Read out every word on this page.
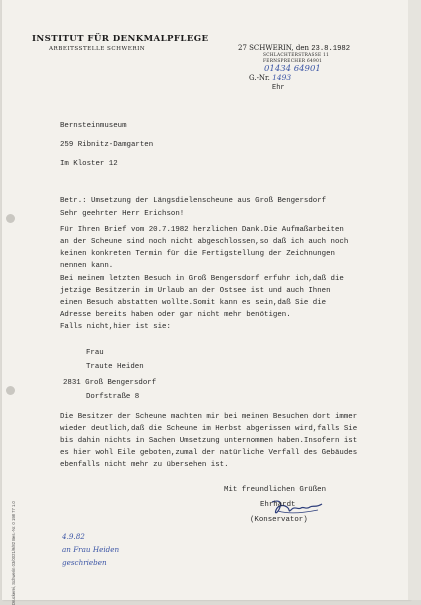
INSTITUT FÜR DENKMALPFLEGE
ARBEITSSTELLE SCHWERIN	27 SCHWERIN, den 23.8.1982
SCHLACHTERSTRASSE 11
FERNSPRECHER 64901
01434 64901
G.-Nr. 1493
Ehr
Bernsteinmuseum
259 Ribnitz-Damgarten
Im Kloster 12
Betr.: Umsetzung der Längsdielenscheune aus Groß Bengersdorf
Sehr geehrter Herr Erichson!
Für Ihren Brief vom 20.7.1982 herzlichen Dank.Die Aufmaßarbeiten
an der Scheune sind noch nicht abgeschlossen,so daß ich auch noch
keinen konkreten Termin für die Fertigstellung der Zeichnungen
nennen kann.
Bei meinem letzten Besuch in Groß Bengersdorf erfuhr ich,daß die
jetzige Besitzerin im Urlaub an der Ostsee ist und auch Ihnen
einen Besuch abstatten wollte.Somit kann es sein,daß Sie die
Adresse bereits haben oder gar nicht mehr benötigen.
Falls nicht,hier ist sie:
Frau
Traute Heiden
2831 Groß Bengersdorf
Dorfstraße 8
Die Besitzer der Scheune machten mir bei meinen Besuchen dort immer
wieder deutlich,daß die Scheune im Herbst abgerissen wird,falls Sie
bis dahin nichts in Sachen Umsetzung unternommen haben.Insofern ist
es hier wohl Eile geboten,zumal der natürliche Verfall des Gebäudes
ebenfalls nicht mehr zu übersehen ist.
Mit freundlichen Grüßen
Ehrhardt
(Konservator)
4.9.82
an Frau Heiden
geschrieben
Druckerei, Schwerin 03/0021/9/82 Bes.-Nr. 0 198 77 1.0
